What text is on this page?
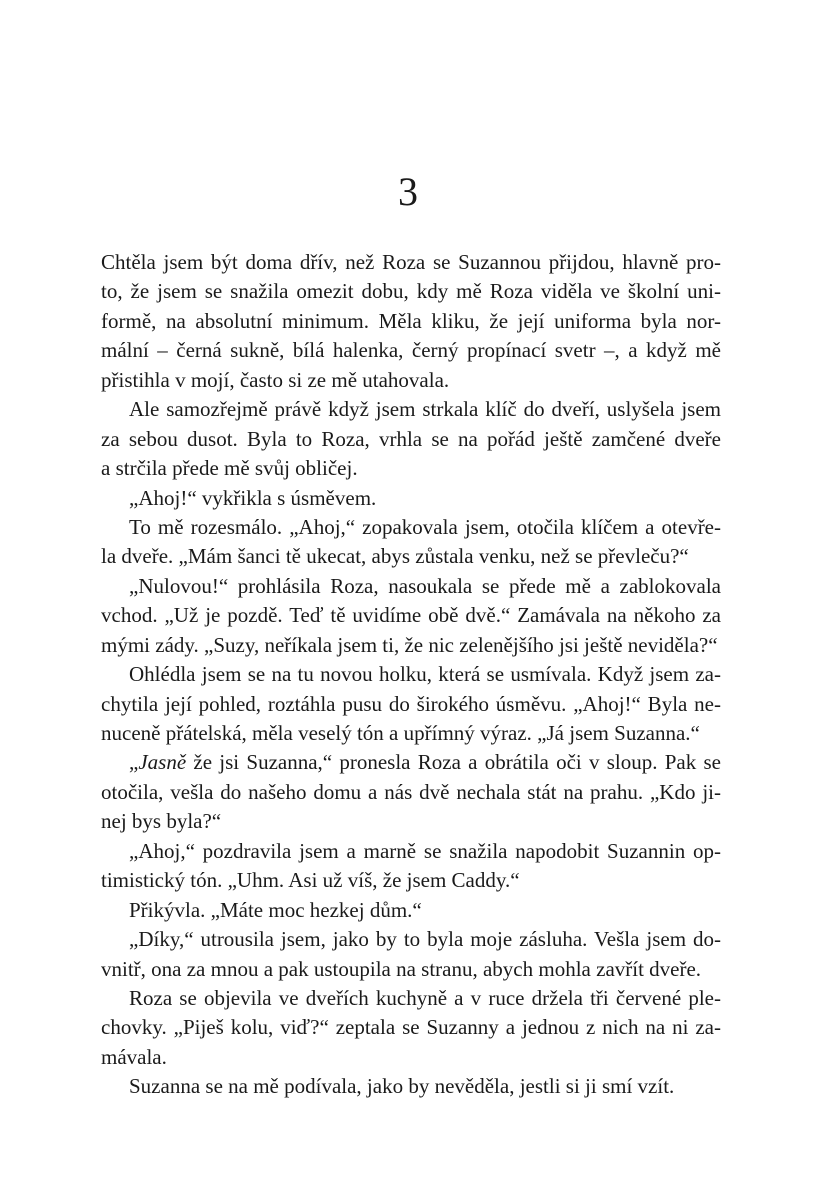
3
Chtěla jsem být doma dřív, než Roza se Suzannou přijdou, hlavně pro-
to, že jsem se snažila omezit dobu, kdy mě Roza viděla ve školní uni-
formě, na absolutní minimum. Měla kliku, že její uniforma byla nor-
mální – černá sukně, bílá halenka, černý propínací svetr –, a když mě
přistihla v mojí, často si ze mě utahovala.
Ale samozřejmě právě když jsem strkala klíč do dveří, uslyšela jsem
za sebou dusot. Byla to Roza, vrhla se na pořád ještě zamčené dveře
a strčila přede mě svůj obličej.
„Ahoj!“ vykřikla s úsměvem.
To mě rozesmálo. „Ahoj,“ zopakovala jsem, otočila klíčem a otevře-
la dveře. „Mám šanci tě ukecat, abys zůstala venku, než se převleču?“
„Nulovou!“ prohlásila Roza, nasoukala se přede mě a zablokovala
vchod. „Už je pozdě. Teď tě uvidíme obě dvě.“ Zamávala na někoho za
mými zády. „Suzy, neříkala jsem ti, že nic zelenějšího jsi ještě neviděla?“
Ohlédla jsem se na tu novou holku, která se usmívala. Když jsem za-
chytila její pohled, roztáhla pusu do širokého úsměvu. „Ahoj!“ Byla ne-
nuceně přátelská, měla veselý tón a upřímný výraz. „Já jsem Suzanna.“
„Jasně že jsi Suzanna,“ pronesla Roza a obrátila oči v sloup. Pak se
otočila, vešla do našeho domu a nás dvě nechala stát na prahu. „Kdo ji-
nej bys byla?“
„Ahoj,“ pozdravila jsem a marně se snažila napodobit Suzannin op-
timistický tón. „Uhm. Asi už víš, že jsem Caddy.“
Přikývla. „Máte moc hezkej dům.“
„Díky,“ utrousila jsem, jako by to byla moje zásluha. Vešla jsem do-
vnitř, ona za mnou a pak ustoupila na stranu, abych mohla zavřít dveře.
Roza se objevila ve dveřích kuchyně a v ruce držela tři červené ple-
chovky. „Piješ kolu, viď?“ zeptala se Suzanny a jednou z nich na ni za-
mávala.
Suzanna se na mě podívala, jako by nevěděla, jestli si ji smí vzít.
